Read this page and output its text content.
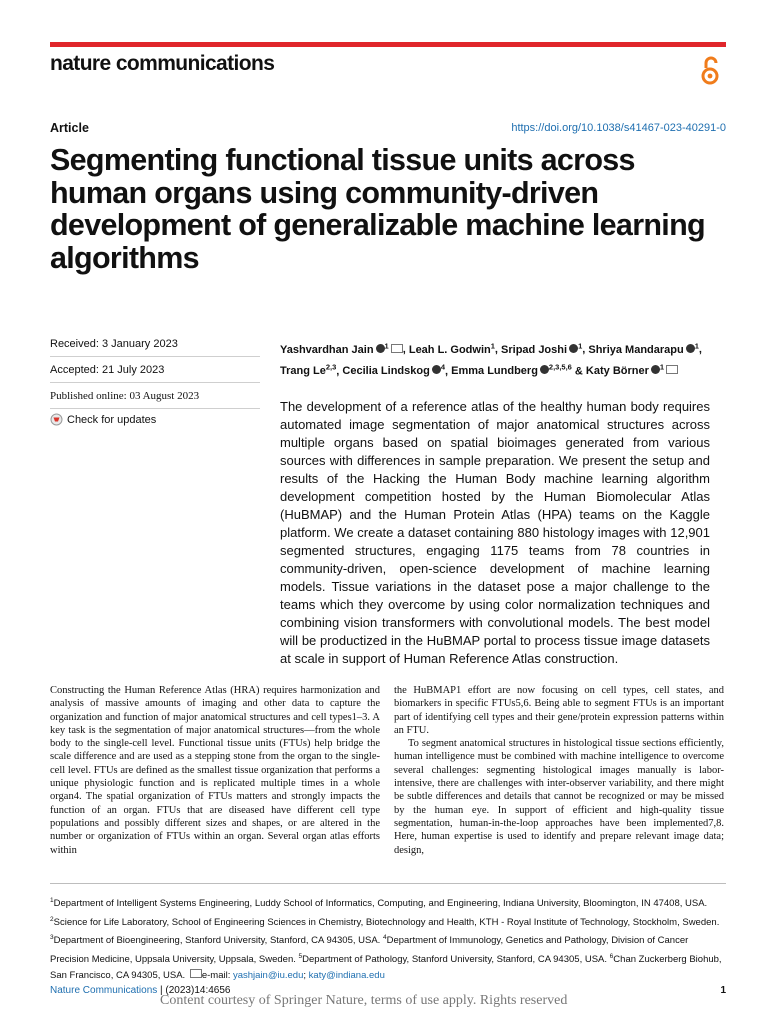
nature communications
Article	https://doi.org/10.1038/s41467-023-40291-0
Segmenting functional tissue units across human organs using community-driven development of generalizable machine learning algorithms
Received: 3 January 2023
Accepted: 21 July 2023
Published online: 03 August 2023
Check for updates
Yashvardhan Jain $^1$ , Leah L. Godwin$^1$, Sripad Joshi $^1$, Shriya Mandarapu $^1$, Trang Le$^{2,3}$, Cecilia Lindskog $^4$, Emma Lundberg $^{2,3,5,6}$ & Katy Börner $^1$

The development of a reference atlas of the healthy human body requires automated image segmentation of major anatomical structures across multiple organs based on spatial bioimages generated from various sources with differences in sample preparation. We present the setup and results of the Hacking the Human Body machine learning algorithm development competition hosted by the Human Biomolecular Atlas (HuBMAP) and the Human Protein Atlas (HPA) teams on the Kaggle platform. We create a dataset containing 880 histology images with 12,901 segmented structures, engaging 1175 teams from 78 countries in community-driven, open-science development of machine learning models. Tissue variations in the dataset pose a major challenge to the teams which they overcome by using color normalization techniques and combining vision transformers with convolutional models. The best model will be productized in the HuBMAP portal to process tissue image datasets at scale in support of Human Reference Atlas construction.

Constructing the Human Reference Atlas (HRA) requires harmonization and analysis of massive amounts of imaging and other data to capture the organization and function of major anatomical structures and cell types1–3. A key task is the segmentation of major anatomical structures—from the whole body to the single-cell level. Functional tissue units (FTUs) help bridge the scale difference and are used as a stepping stone from the organ to the single-cell level. FTUs are defined as the smallest tissue organization that performs a unique physiologic function and is replicated multiple times in a whole organ4. The spatial organization of FTUs matters and strongly impacts the function of an organ. FTUs that are diseased have different cell type populations and possibly different sizes and shapes, or are altered in the number or organization of FTUs within an organ. Several organ atlas efforts within

the HuBMAP1 effort are now focusing on cell types, cell states, and biomarkers in specific FTUs5,6. Being able to segment FTUs is an important part of identifying cell types and their gene/protein expression patterns within an FTU.

To segment anatomical structures in histological tissue sections efficiently, human intelligence must be combined with machine intelligence to overcome several challenges: segmenting histological images manually is labor-intensive, there are challenges with inter-observer variability, and there might be subtle differences and details that cannot be recognized or may be missed by the human eye. In support of efficient and high-quality tissue segmentation, human-in-the-loop approaches have been implemented7,8. Here, human expertise is used to identify and prepare relevant image data; design,

$^1$Department of Intelligent Systems Engineering, Luddy School of Informatics, Computing, and Engineering, Indiana University, Bloomington, IN 47408, USA. $^2$Science for Life Laboratory, School of Engineering Sciences in Chemistry, Biotechnology and Health, KTH - Royal Institute of Technology, Stockholm, Sweden. $^3$Department of Bioengineering, Stanford University, Stanford, CA 94305, USA. $^4$Department of Immunology, Genetics and Pathology, Division of Cancer Precision Medicine, Uppsala University, Uppsala, Sweden. $^5$Department of Pathology, Stanford University, Stanford, CA 94305, USA. $^6$Chan Zuckerberg Biohub, San Francisco, CA 94305, USA. e-mail: yashjain@iu.edu; katy@indiana.edu

Nature Communications | (2023)14:4656	1
Content courtesy of Springer Nature, terms of use apply. Rights reserved
